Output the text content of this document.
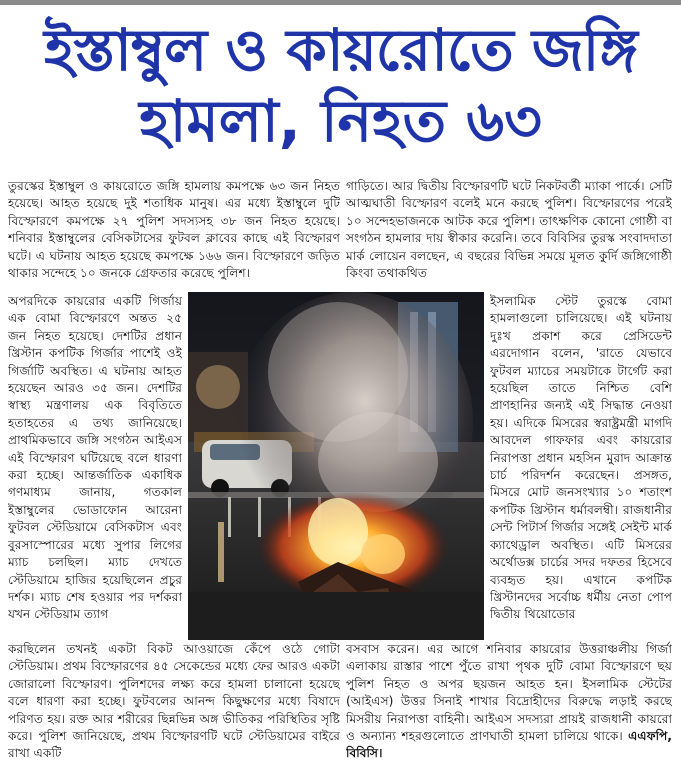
ইস্তাম্বুল ও কায়রোতে জঙ্গি
হামলা, নিহত ৬৩

তুরস্কের ইস্তাম্বুল ও কায়রোতে জঙ্গি হামলায় কমপক্ষে ৬৩ জন নিহত হয়েছে। আহত হয়েছে দুই শতাধিক মানুষ। এর মধ্যে ইস্তাম্বুলে দুটি বিস্ফোরণে কমপক্ষে ২৭ পুলিশ সদস্যসহ ৩৮ জন নিহত হয়েছে। শনিবার ইস্তাম্বুলের বেসিকটাসের ফুটবল ক্লাবের কাছে এই বিস্ফোরণ ঘটে। এ ঘটনায় আহত হয়েছে কমপক্ষে ১৬৬ জন। বিস্ফোরণে জড়িত থাকার সন্দেহে ১০ জনকে গ্রেফতার করেছে পুলিশ।

অপরদিকে কায়রোর একটি গির্জায় এক বোমা বিস্ফোরণে অন্তত ২৫ জন নিহত হয়েছে। দেশটির প্রধান খ্রিস্টান কপটিক গির্জার পাশেই ওই গির্জাটি অবস্থিত। এ ঘটনায় আহত হয়েছেন আরও ৩৫ জন। দেশটির স্বাস্থ্য মন্ত্রণালয় এক বিবৃতিতে হতাহতের এ তথ্য জানিয়েছে। প্রাথমিকভাবে জঙ্গি সংগঠন আইএস এই বিস্ফোরণ ঘটিয়েছে বলে ধারণা করা হচ্ছে। আন্তর্জাতিক একাধিক গণমাধ্যম জানায়, গতকাল ইস্তাম্বুলের ভোডাফোন আরেনা ফুটবল স্টেডিয়ামে বেসিকটাস এবং বুরসাস্পোরের মধ্যে সুপার লিগের ম্যাচ চলছিল। ম্যাচ দেখতে স্টেডিয়ামে হাজির হয়েছিলেন প্রচুর দর্শক। ম্যাচ শেষ হওয়ার পর দর্শকরা যখন স্টেডিয়াম ত্যাগ

গাড়িতে। আর দ্বিতীয় বিস্ফোরণটি ঘটে নিকটবর্তী ম্যাকা পার্কে। সেটি আত্মঘাতী বিস্ফোরণ বলেই মনে করছে পুলিশ। বিস্ফোরণের পরেই ১০ সন্দেহভাজনকে আটক করে পুলিশ। তাৎক্ষণিক কোনো গোষ্ঠী বা সংগঠন হামলার দায় স্বীকার করেনি। তবে বিবিসির তুরস্ক সংবাদদাতা মার্ক লোয়েন বলছেন, এ বছরের বিভিন্ন সময়ে মূলত কুর্দি জঙ্গিগোষ্ঠী কিংবা তথাকথিত

ইসলামিক স্টেট তুরস্কে বোমা হামলাগুলো চালিয়েছে। এই ঘটনায় দুঃখ প্রকাশ করে প্রেসিডেন্ট এরদোগান বলেন, 'রাতে যেভাবে ফুটবল ম্যাচের সময়টাকে টার্গেট করা হয়েছিল তাতে নিশ্চিত বেশি প্রাণহানির জন্যই এই সিদ্ধান্ত নেওয়া হয়। এদিকে মিসরের স্বরাষ্ট্রমন্ত্রী মাগদি আবদেল গাফফার এবং কায়রোর নিরাপত্তা প্রধান মহসিন মুরাদ আক্রান্ত চার্চ পরিদর্শন করেছেন। প্রসঙ্গত, মিসরে মোট জনসংখ্যার ১০ শতাংশ কপটিক খ্রিস্টান ধর্মাবলম্বী। রাজধানীর সেন্ট পিটার্স গির্জার সঙ্গেই সেইন্ট মার্ক ক্যাথেড্রাল অবস্থিত। এটি মিসরের অর্থোডক্স চার্চের সদর দফতর হিসেবে ব্যবহৃত হয়। এখানে কপটিক খ্রিস্টানদের সর্বোচ্চ ধর্মীয় নেতা পোপ দ্বিতীয় থিয়োডোর

করছিলেন তখনই একটা বিকট আওয়াজে কেঁপে ওঠে গোটা স্টেডিয়াম। প্রথম বিস্ফোরণের ৪৫ সেকেন্ডের মধ্যে ফের আরও একটা জোরালো বিস্ফোরণ। পুলিশদের লক্ষ্য করে হামলা চালানো হয়েছে বলে ধারণা করা হচ্ছে। ফুটবলের আনন্দ কিছুক্ষণের মধ্যে বিষাদে পরিণত হয়। রক্ত আর শরীরের ছিন্নভিন্ন অঙ্গ ভীতিকর পরিস্থিতির সৃষ্টি করে। পুলিশ জানিয়েছে, প্রথম বিস্ফোরণটি ঘটে স্টেডিয়ামের বাইরে রাখা একটি

বসবাস করেন। এর আগে শনিবার কায়রোর উত্তরাঞ্চলীয় গির্জা এলাকায় রাস্তার পাশে পুঁতে রাখা পৃথক দুটি বোমা বিস্ফোরণে ছয় পুলিশ নিহত ও অপর ছয়জন আহত হন। ইসলামিক স্টেটের (আইএস) উত্তর সিনাই শাখার বিদ্রোহীদের বিরুদ্ধে লড়াই করছে মিসরীয় নিরাপত্তা বাহিনী। আইএস সদস্যরা প্রায়ই রাজধানী কায়রো ও অন্যান্য শহরগুলোতে প্রাণঘাতী হামলা চালিয়ে থাকে। এএফপি, বিবিসি।
